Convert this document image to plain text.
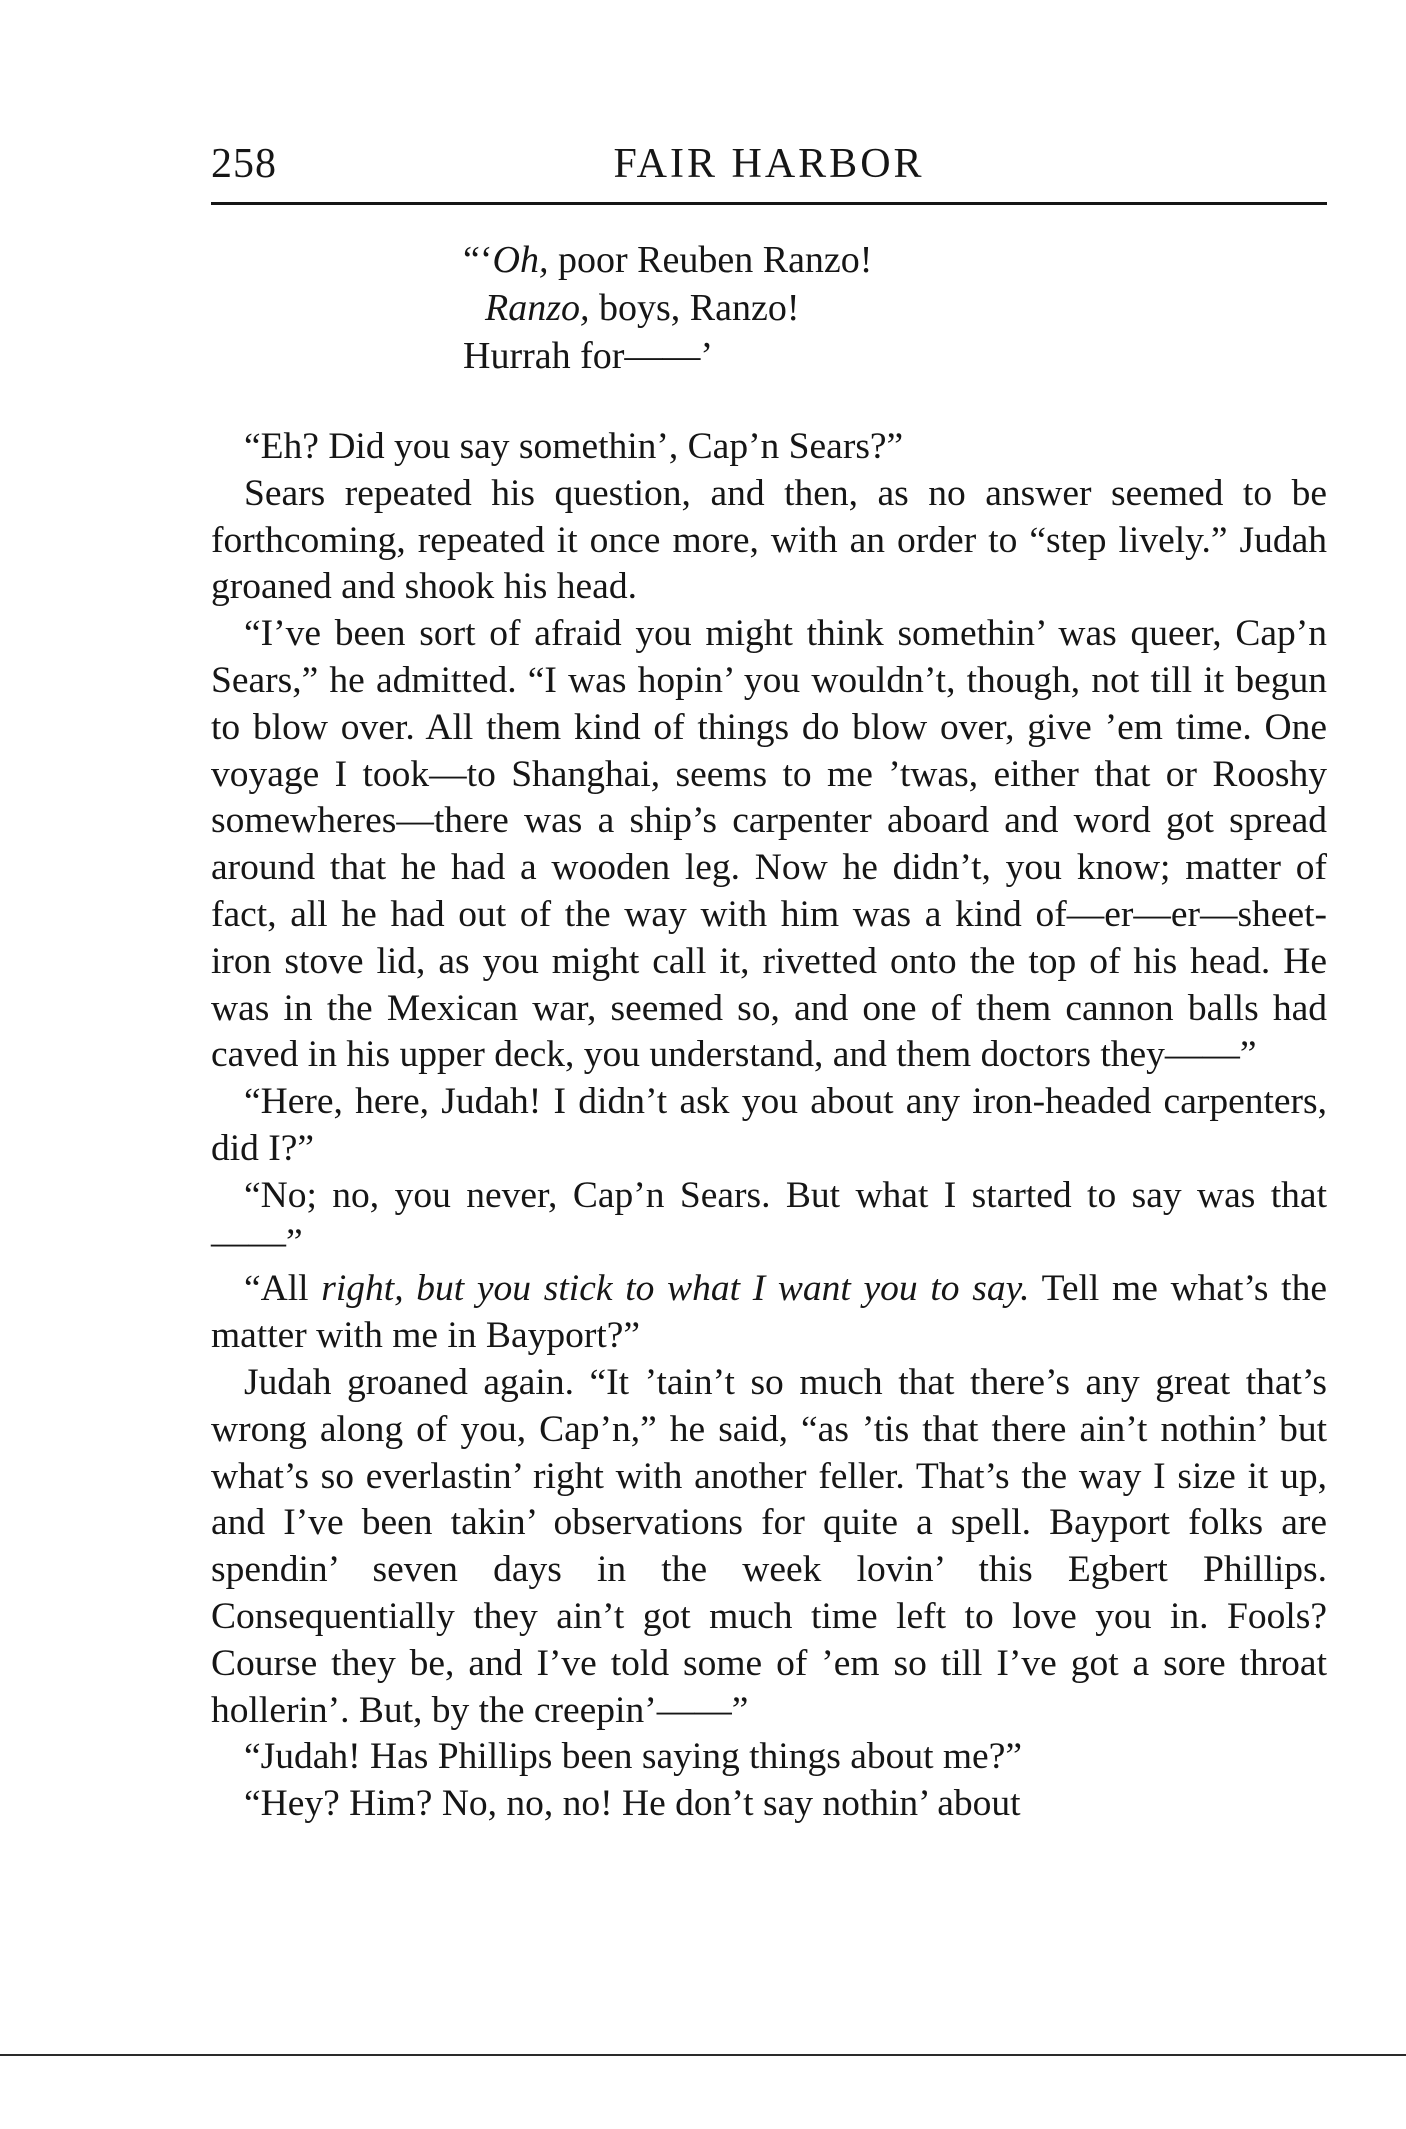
258	FAIR HARBOR
“‘Oh, poor Reuben Ranzo!
Ranzo, boys, Ranzo!
Hurrah for——’

“Eh? Did you say somethin’, Cap’n Sears?”

Sears repeated his question, and then, as no answer seemed to be forthcoming, repeated it once more, with an order to “step lively.” Judah groaned and shook his head.

“I’ve been sort of afraid you might think somethin’ was queer, Cap’n Sears,” he admitted. “I was hopin’ you wouldn’t, though, not till it begun to blow over. All them kind of things do blow over, give ’em time. One voyage I took—to Shanghai, seems to me ’twas, either that or Rooshy somewheres—there was a ship’s carpenter aboard and word got spread around that he had a wooden leg. Now he didn’t, you know; matter of fact, all he had out of the way with him was a kind of—er—er—sheet-iron stove lid, as you might call it, rivetted onto the top of his head. He was in the Mexican war, seemed so, and one of them cannon balls had caved in his upper deck, you understand, and them doctors they——”

“Here, here, Judah! I didn’t ask you about any iron-headed carpenters, did I?”

“No; no, you never, Cap’n Sears. But what I started to say was that——”

“All right, but you stick to what I want you to say. Tell me what’s the matter with me in Bayport?”

Judah groaned again. “It ’tain’t so much that there’s any great that’s wrong along of you, Cap’n,” he said, “as ’tis that there ain’t nothin’ but what’s so everlastin’ right with another feller. That’s the way I size it up, and I’ve been takin’ observations for quite a spell. Bayport folks are spendin’ seven days in the week lovin’ this Egbert Phillips. Consequentially they ain’t got much time left to love you in. Fools? Course they be, and I’ve told some of ’em so till I’ve got a sore throat hollerin’. But, by the creepin’——”

“Judah! Has Phillips been saying things about me?”

“Hey? Him? No, no, no! He don’t say nothin’ about
